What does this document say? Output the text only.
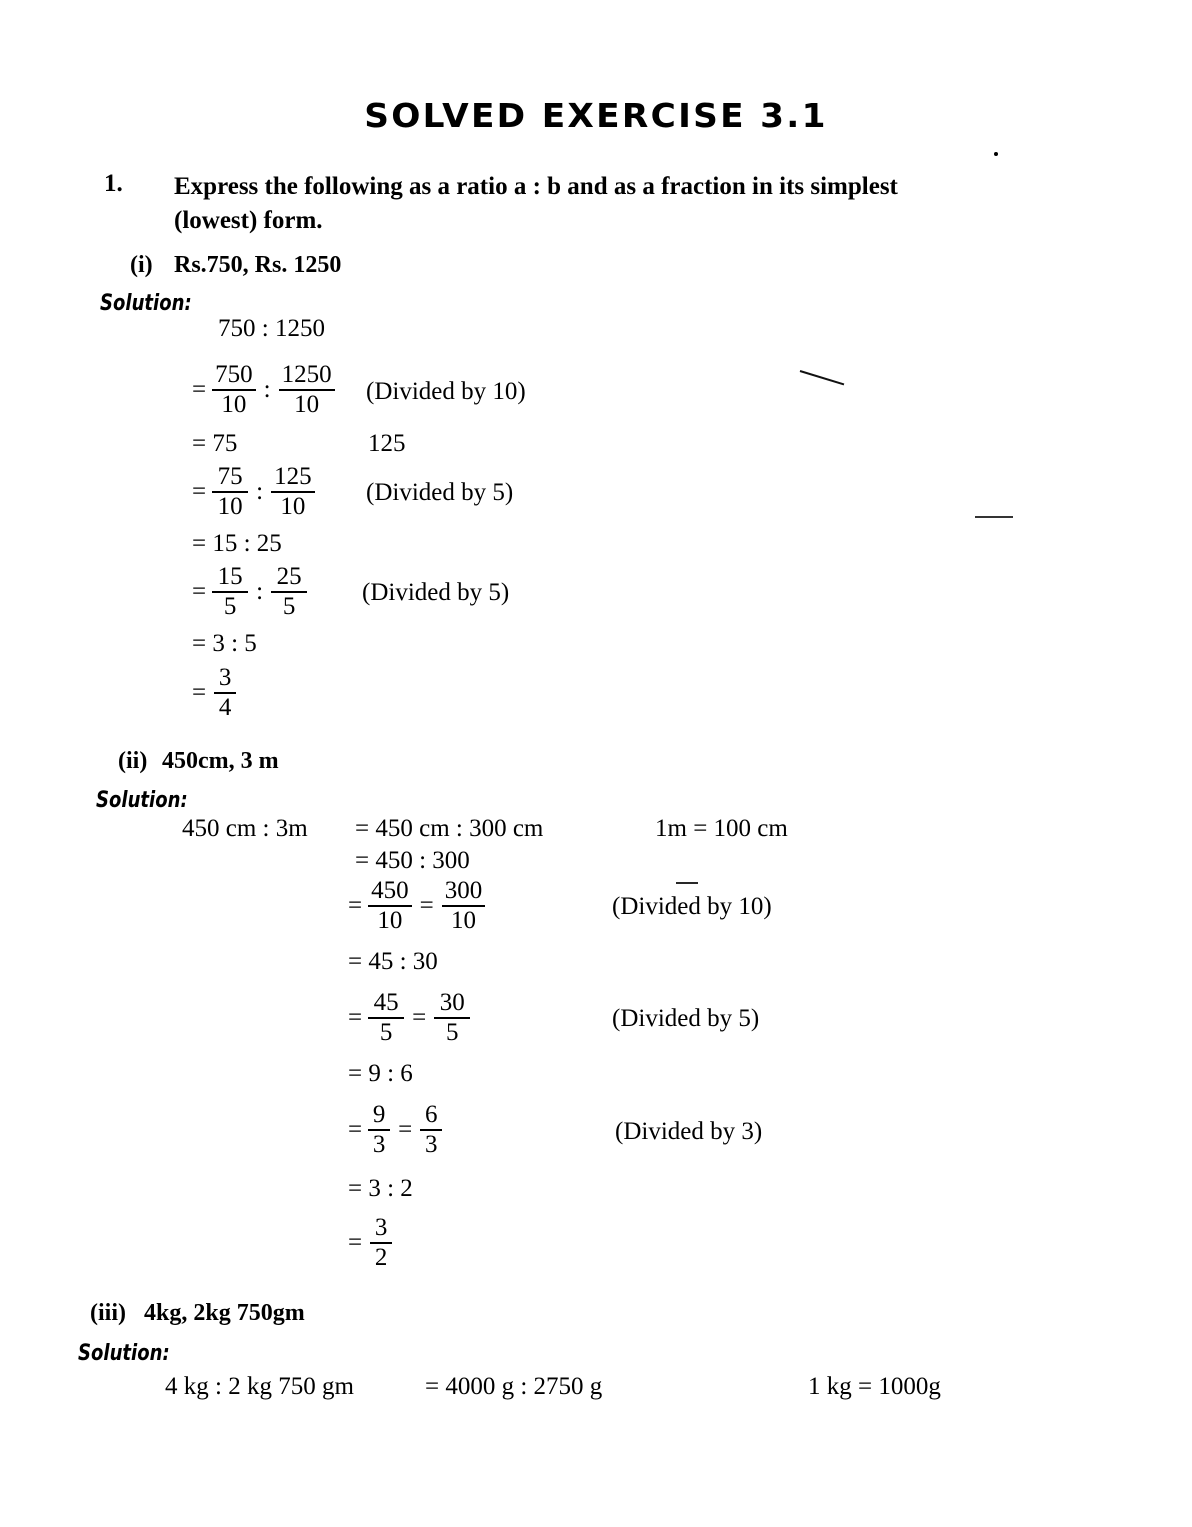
SOLVED EXERCISE 3.1
1. Express the following as a ratio a : b and as a fraction in its simplest
(lowest) form.
(i) Rs.750, Rs. 1250
Solution:
750 : 1250
= $\frac{750}{10}$ : $\frac{1250}{10}$ (Divided by 10)
= 75	125
= $\frac{75}{10}$ : $\frac{125}{10}$ (Divided by 5)
= 15 : 25
= $\frac{15}{5}$ : $\frac{25}{5}$ (Divided by 5)
= 3 : 5
= $\frac{3}{4}$
(ii) 450cm, 3 m
Solution:
450 cm : 3m = 450 cm : 300 cm	1m = 100 cm
= 450 : 300
= $\frac{450}{10} = \frac{300}{10}$	(Divided by 10)
= 45 : 30
= $\frac{45}{5} = \frac{30}{5}$	(Divided by 5)
= 9 : 6
= $\frac{9}{3} = \frac{6}{3}$	(Divided by 3)
= 3 : 2
= $\frac{3}{2}$
(iii) 4kg, 2kg 750gm
Solution:
4 kg : 2 kg 750 gm	= 4000 g : 2750 g	1 kg = 1000g
